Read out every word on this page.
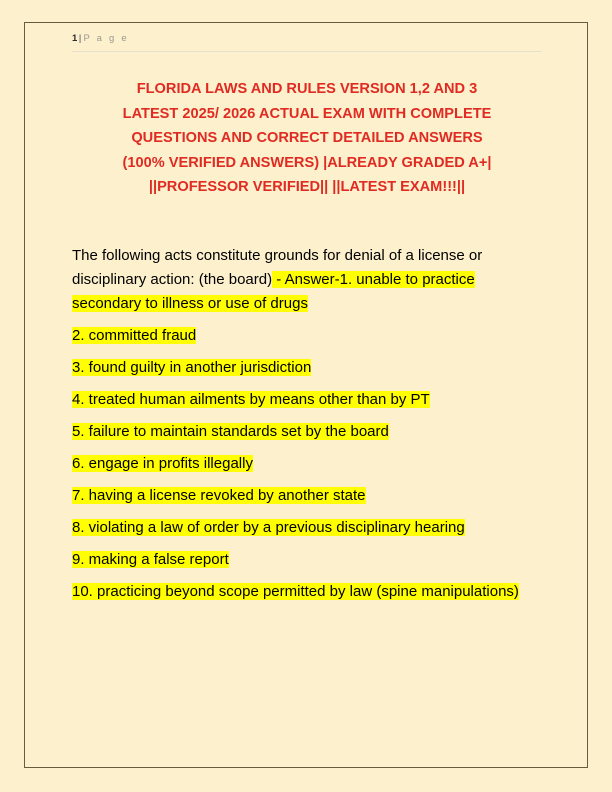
1| P a g e
FLORIDA LAWS AND RULES VERSION 1,2 AND 3
LATEST 2025/ 2026 ACTUAL EXAM WITH COMPLETE
QUESTIONS AND CORRECT DETAILED ANSWERS
(100% VERIFIED ANSWERS) |ALREADY GRADED A+|
||PROFESSOR VERIFIED|| ||LATEST EXAM!!!||

The following acts constitute grounds for denial of a license or disciplinary action: (the board) - Answer-1. unable to practice secondary to illness or use of drugs

2. committed fraud

3. found guilty in another jurisdiction

4. treated human ailments by means other than by PT

5. failure to maintain standards set by the board

6. engage in profits illegally

7. having a license revoked by another state

8. violating a law of order by a previous disciplinary hearing

9. making a false report

10. practicing beyond scope permitted by law (spine manipulations)
